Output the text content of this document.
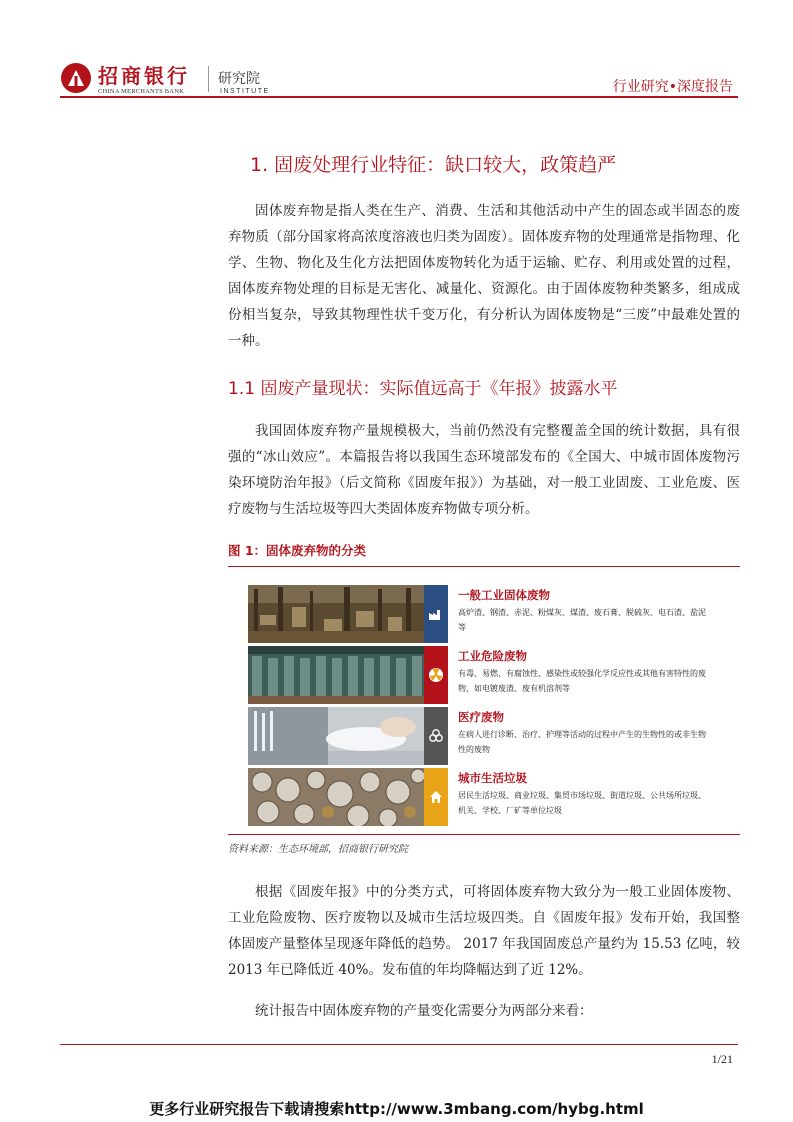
招商银行
CHINA MERCHANTS BANK
研究院
INSTITUTE	行业研究•深度报告
1. 固废处理行业特征：缺口较大，政策趋严

固体废弃物是指人类在生产、消费、生活和其他活动中产生的固态或半固态的废弃物质（部分国家将高浓度溶液也归类为固废）。固体废弃物的处理通常是指物理、化学、生物、物化及生化方法把固体废物转化为适于运输、贮存、利用或处置的过程，固体废弃物处理的目标是无害化、减量化、资源化。由于固体废物种类繁多，组成成份相当复杂，导致其物理性状千变万化，有分析认为固体废物是“三废”中最难处置的一种。

1.1 固废产量现状：实际值远高于《年报》披露水平

我国固体废弃物产量规模极大，当前仍然没有完整覆盖全国的统计数据，具有很强的“冰山效应”。本篇报告将以我国生态环境部发布的《全国大、中城市固体废物污染环境防治年报》（后文简称《固废年报》）为基础，对一般工业固废、工业危废、医疗废物与生活垃圾等四大类固体废弃物做专项分析。

图 1：固体废弃物的分类
一般工业固体废物
高炉渣、钢渣、赤泥、粉煤灰、煤渣、废石膏、脱硫灰、电石渣、盐泥等
工业危险废物
有毒、易燃、有腐蚀性、感染性或较强化学反应性或其他有害特性的废物，如电镀废渣、废有机溶剂等
医疗废物
在病人进行诊断、治疗、护理等活动的过程中产生的生物性的或非生物性的废物
城市生活垃圾
居民生活垃圾、商业垃圾、集贸市场垃圾、街道垃圾、公共场所垃圾、机关、学校、厂矿等单位垃圾
资料来源：生态环境部，招商银行研究院

根据《固废年报》中的分类方式，可将固体废弃物大致分为一般工业固体废物、工业危险废物、医疗废物以及城市生活垃圾四类。自《固废年报》发布开始，我国整体固废产量整体呈现逐年降低的趋势。 2017 年我国固废总产量约为 15.53 亿吨，较 2013 年已降低近 40%。发布值的年均降幅达到了近 12%。

统计报告中固体废弃物的产量变化需要分为两部分来看：

1/21
更多行业研究报告下载请搜索http://www.3mbang.com/hybg.html
